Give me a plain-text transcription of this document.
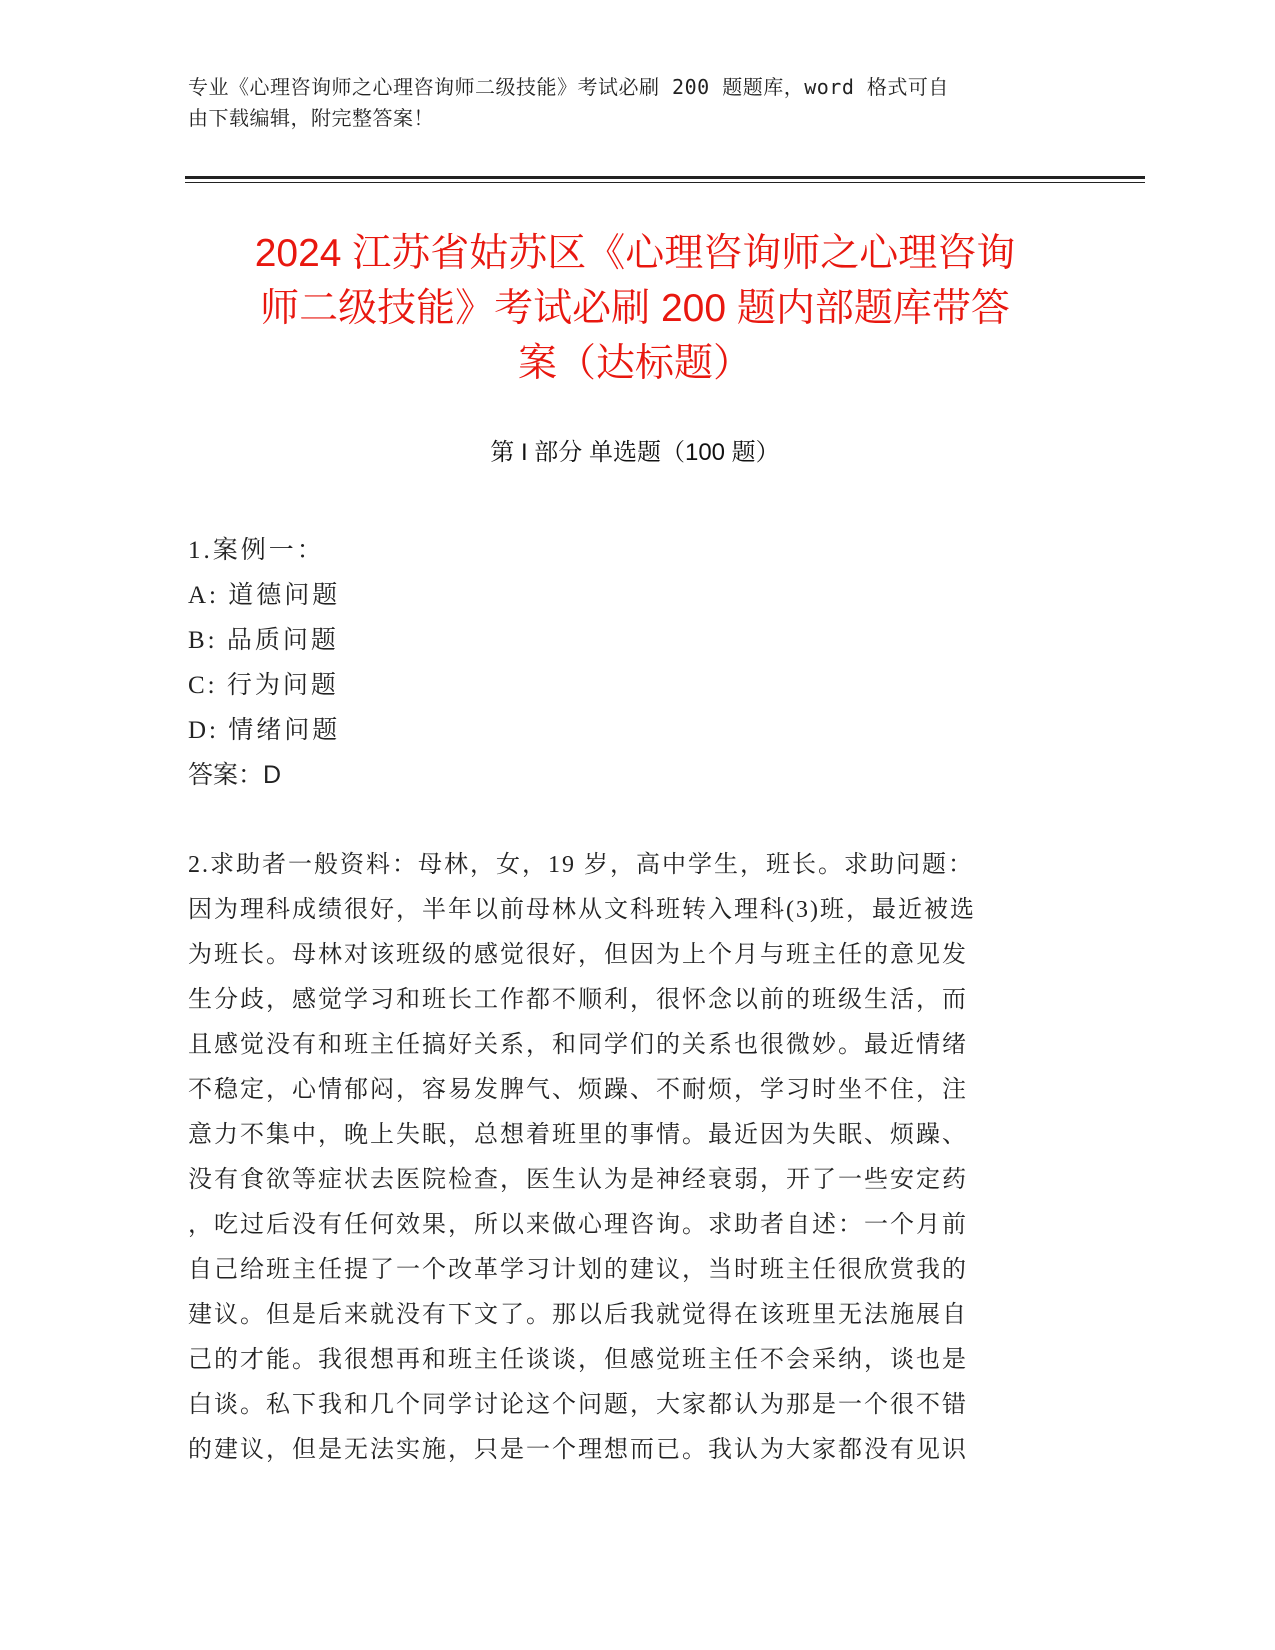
专业《心理咨询师之心理咨询师二级技能》考试必刷 200 题题库，word 格式可自
由下载编辑，附完整答案！
2024 江苏省姑苏区《心理咨询师之心理咨询
师二级技能》考试必刷 200 题内部题库带答
案（达标题）
第 I 部分 单选题（100 题）
1.案例一：
A: 道德问题
B: 品质问题
C: 行为问题
D: 情绪问题
答案：D
2.求助者一般资料：母林，女，19 岁，高中学生，班长。求助问题：
因为理科成绩很好，半年以前母林从文科班转入理科(3)班，最近被选
为班长。母林对该班级的感觉很好，但因为上个月与班主任的意见发
生分歧，感觉学习和班长工作都不顺利，很怀念以前的班级生活，而
且感觉没有和班主任搞好关系，和同学们的关系也很微妙。最近情绪
不稳定，心情郁闷，容易发脾气、烦躁、不耐烦，学习时坐不住，注
意力不集中，晚上失眠，总想着班里的事情。最近因为失眠、烦躁、
没有食欲等症状去医院检查，医生认为是神经衰弱，开了一些安定药
，吃过后没有任何效果，所以来做心理咨询。求助者自述：一个月前
自己给班主任提了一个改革学习计划的建议，当时班主任很欣赏我的
建议。但是后来就没有下文了。那以后我就觉得在该班里无法施展自
己的才能。我很想再和班主任谈谈，但感觉班主任不会采纳，谈也是
白谈。私下我和几个同学讨论这个问题，大家都认为那是一个很不错
的建议，但是无法实施，只是一个理想而已。我认为大家都没有见识
